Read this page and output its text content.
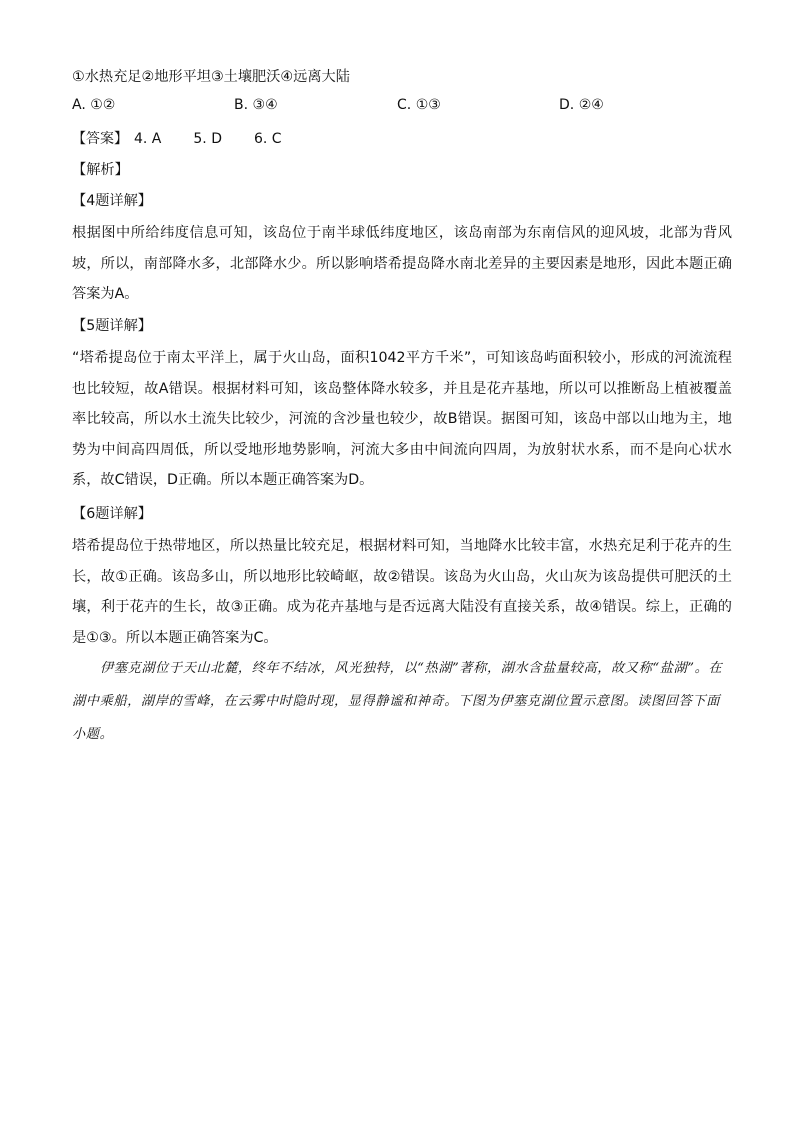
①水热充足②地形平坦③土壤肥沃④远离大陆
A. ①②	B. ③④	C. ①③	D. ②④
【答案】 4. A 5. D 6. C
【解析】
【4题详解】
根据图中所给纬度信息可知，该岛位于南半球低纬度地区，该岛南部为东南信风的迎风坡，北部为背风坡，所以，南部降水多，北部降水少。所以影响塔希提岛降水南北差异的主要因素是地形，因此本题正确答案为A。
【5题详解】
“塔希提岛位于南太平洋上，属于火山岛，面积1042平方千米”，可知该岛屿面积较小，形成的河流流程也比较短，故A错误。根据材料可知，该岛整体降水较多，并且是花卉基地，所以可以推断岛上植被覆盖率比较高，所以水土流失比较少，河流的含沙量也较少，故B错误。据图可知，该岛中部以山地为主，地势为中间高四周低，所以受地形地势影响，河流大多由中间流向四周，为放射状水系，而不是向心状水系，故C错误，D正确。所以本题正确答案为D。
【6题详解】
塔希提岛位于热带地区，所以热量比较充足，根据材料可知，当地降水比较丰富，水热充足利于花卉的生长，故①正确。该岛多山，所以地形比较崎岖，故②错误。该岛为火山岛，火山灰为该岛提供可肥沃的土壤，利于花卉的生长，故③正确。成为花卉基地与是否远离大陆没有直接关系，故④错误。综上，正确的是①③。所以本题正确答案为C。
伊塞克湖位于天山北麓，终年不结冰，风光独特，以“热湖”著称，湖水含盐量较高，故又称“盐湖”。在湖中乘船，湖岸的雪峰，在云雾中时隐时现，显得静谧和神奇。下图为伊塞克湖位置示意图。读图回答下面小题。
